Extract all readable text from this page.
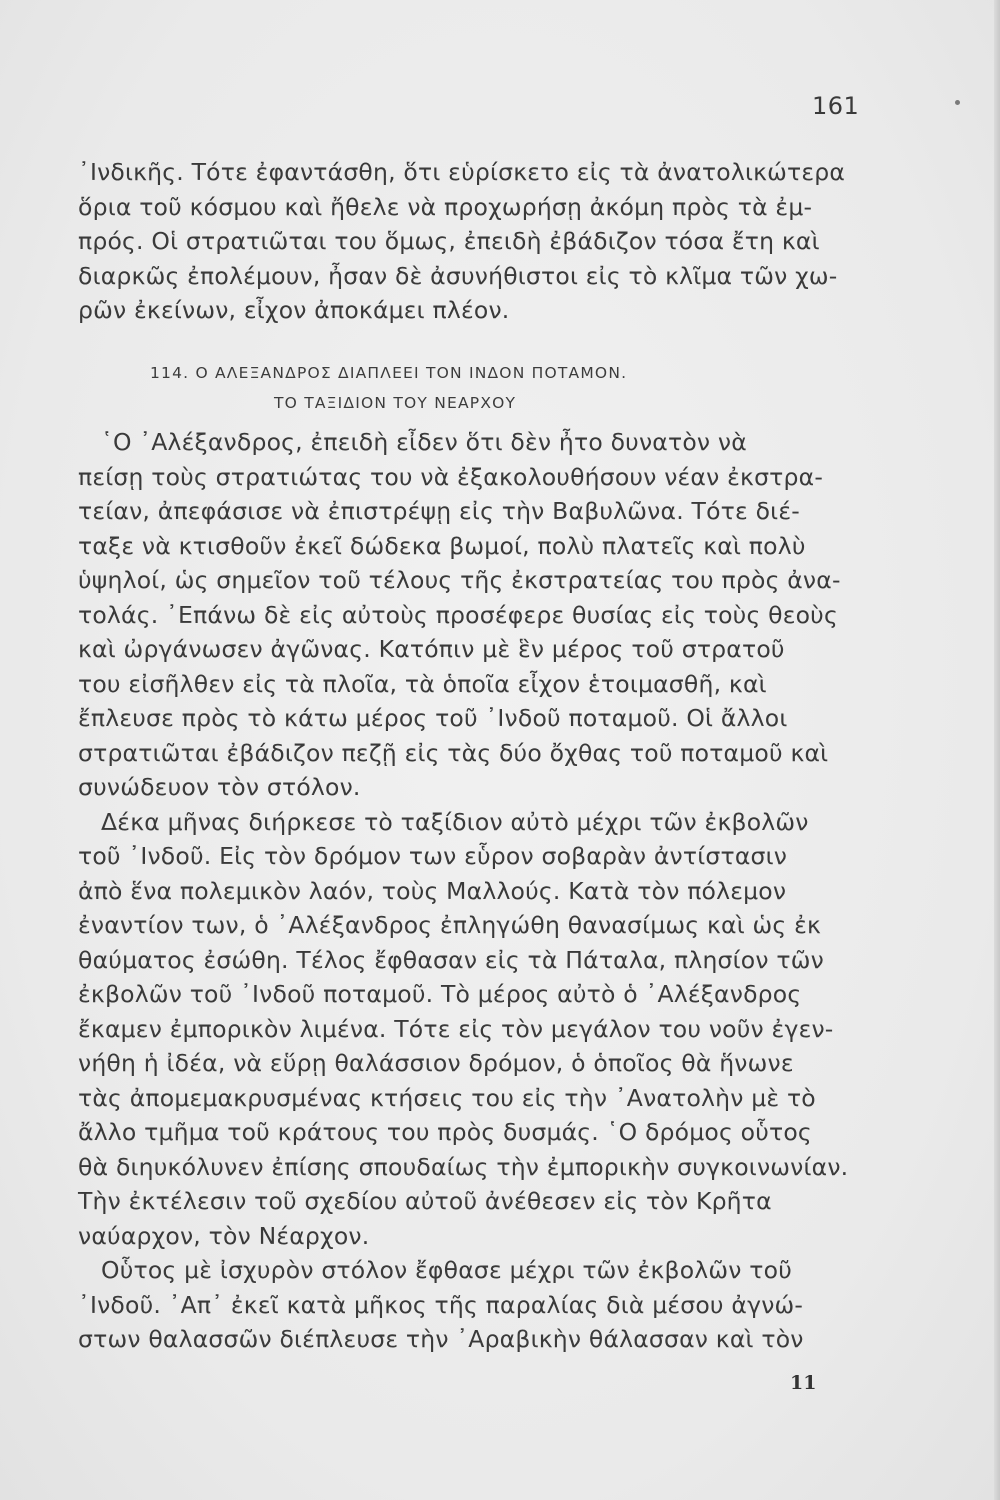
161
᾿Ινδικῆς. Τότε ἐφαντάσθη, ὅτι εὑρίσκετο εἰς τὰ ἀνατολικώτερα
ὅρια τοῦ κόσμου καὶ ἤθελε νὰ προχωρήσῃ ἀκόμη πρὸς τὰ ἐμ-
πρός. Οἱ στρατιῶται του ὅμως, ἐπειδὴ ἐβάδιζον τόσα ἔτη καὶ
διαρκῶς ἐπολέμουν, ἦσαν δὲ ἀσυνήθιστοι εἰς τὸ κλῖμα τῶν χω-
ρῶν ἐκείνων, εἶχον ἀποκάμει πλέον.
114. Ο ΑΛΕΞΑΝΔΡΟΣ ΔΙΑΠΛΕΕΙ ΤΟΝ ΙΝΔΟΝ ΠΟΤΑΜΟΝ.
ΤΟ ΤΑΞΙΔΙΟΝ ΤΟΥ ΝΕΑΡΧΟΥ
῾Ο ᾿Αλέξανδρος, ἐπειδὴ εἶδεν ὅτι δὲν ἦτο δυνατὸν νὰ
πείσῃ τοὺς στρατιώτας του νὰ ἐξακολουθήσουν νέαν ἐκστρα-
τείαν, ἀπεφάσισε νὰ ἐπιστρέψῃ εἰς τὴν Βαβυλῶνα. Τότε διέ-
ταξε νὰ κτισθοῦν ἐκεῖ δώδεκα βωμοί, πολὺ πλατεῖς καὶ πολὺ
ὑψηλοί, ὡς σημεῖον τοῦ τέλους τῆς ἐκστρατείας του πρὸς ἀνα-
τολάς. ᾿Επάνω δὲ εἰς αὐτοὺς προσέφερε θυσίας εἰς τοὺς θεοὺς
καὶ ὠργάνωσεν ἀγῶνας. Κατόπιν μὲ ἓν μέρος τοῦ στρατοῦ
του εἰσῆλθεν εἰς τὰ πλοῖα, τὰ ὁποῖα εἶχον ἑτοιμασθῆ, καὶ
ἔπλευσε πρὸς τὸ κάτω μέρος τοῦ ᾿Ινδοῦ ποταμοῦ. Οἱ ἄλλοι
στρατιῶται ἐβάδιζον πεζῇ εἰς τὰς δύο ὄχθας τοῦ ποταμοῦ καὶ
συνώδευον τὸν στόλον.
Δέκα μῆνας διήρκεσε τὸ ταξίδιον αὐτὸ μέχρι τῶν ἐκβολῶν
τοῦ ᾿Ινδοῦ. Εἰς τὸν δρόμον των εὗρον σοβαρὰν ἀντίστασιν
ἀπὸ ἕνα πολεμικὸν λαόν, τοὺς Μαλλούς. Κατὰ τὸν πόλεμον
ἐναντίον των, ὁ ᾿Αλέξανδρος ἐπληγώθη θανασίμως καὶ ὡς ἐκ
θαύματος ἐσώθη. Τέλος ἔφθασαν εἰς τὰ Πάταλα, πλησίον τῶν
ἐκβολῶν τοῦ ᾿Ινδοῦ ποταμοῦ. Τὸ μέρος αὐτὸ ὁ ᾿Αλέξανδρος
ἔκαμεν ἐμπορικὸν λιμένα. Τότε εἰς τὸν μεγάλον του νοῦν ἐγεν-
νήθη ἡ ἰδέα, νὰ εὕρῃ θαλάσσιον δρόμον, ὁ ὁποῖος θὰ ἥνωνε
τὰς ἀπομεμακρυσμένας κτήσεις του εἰς τὴν ᾿Ανατολὴν μὲ τὸ
ἄλλο τμῆμα τοῦ κράτους του πρὸς δυσμάς. ῾Ο δρόμος οὗτος
θὰ διηυκόλυνεν ἐπίσης σπουδαίως τὴν ἐμπορικὴν συγκοινωνίαν.
Τὴν ἐκτέλεσιν τοῦ σχεδίου αὐτοῦ ἀνέθεσεν εἰς τὸν Κρῆτα
ναύαρχον, τὸν Νέαρχον.
Οὗτος μὲ ἰσχυρὸν στόλον ἔφθασε μέχρι τῶν ἐκβολῶν τοῦ
᾿Ινδοῦ. ᾿Απ᾿ ἐκεῖ κατὰ μῆκος τῆς παραλίας διὰ μέσου ἀγνώ-
στων θαλασσῶν διέπλευσε τὴν ᾿Αραβικὴν θάλασσαν καὶ τὸν
11
